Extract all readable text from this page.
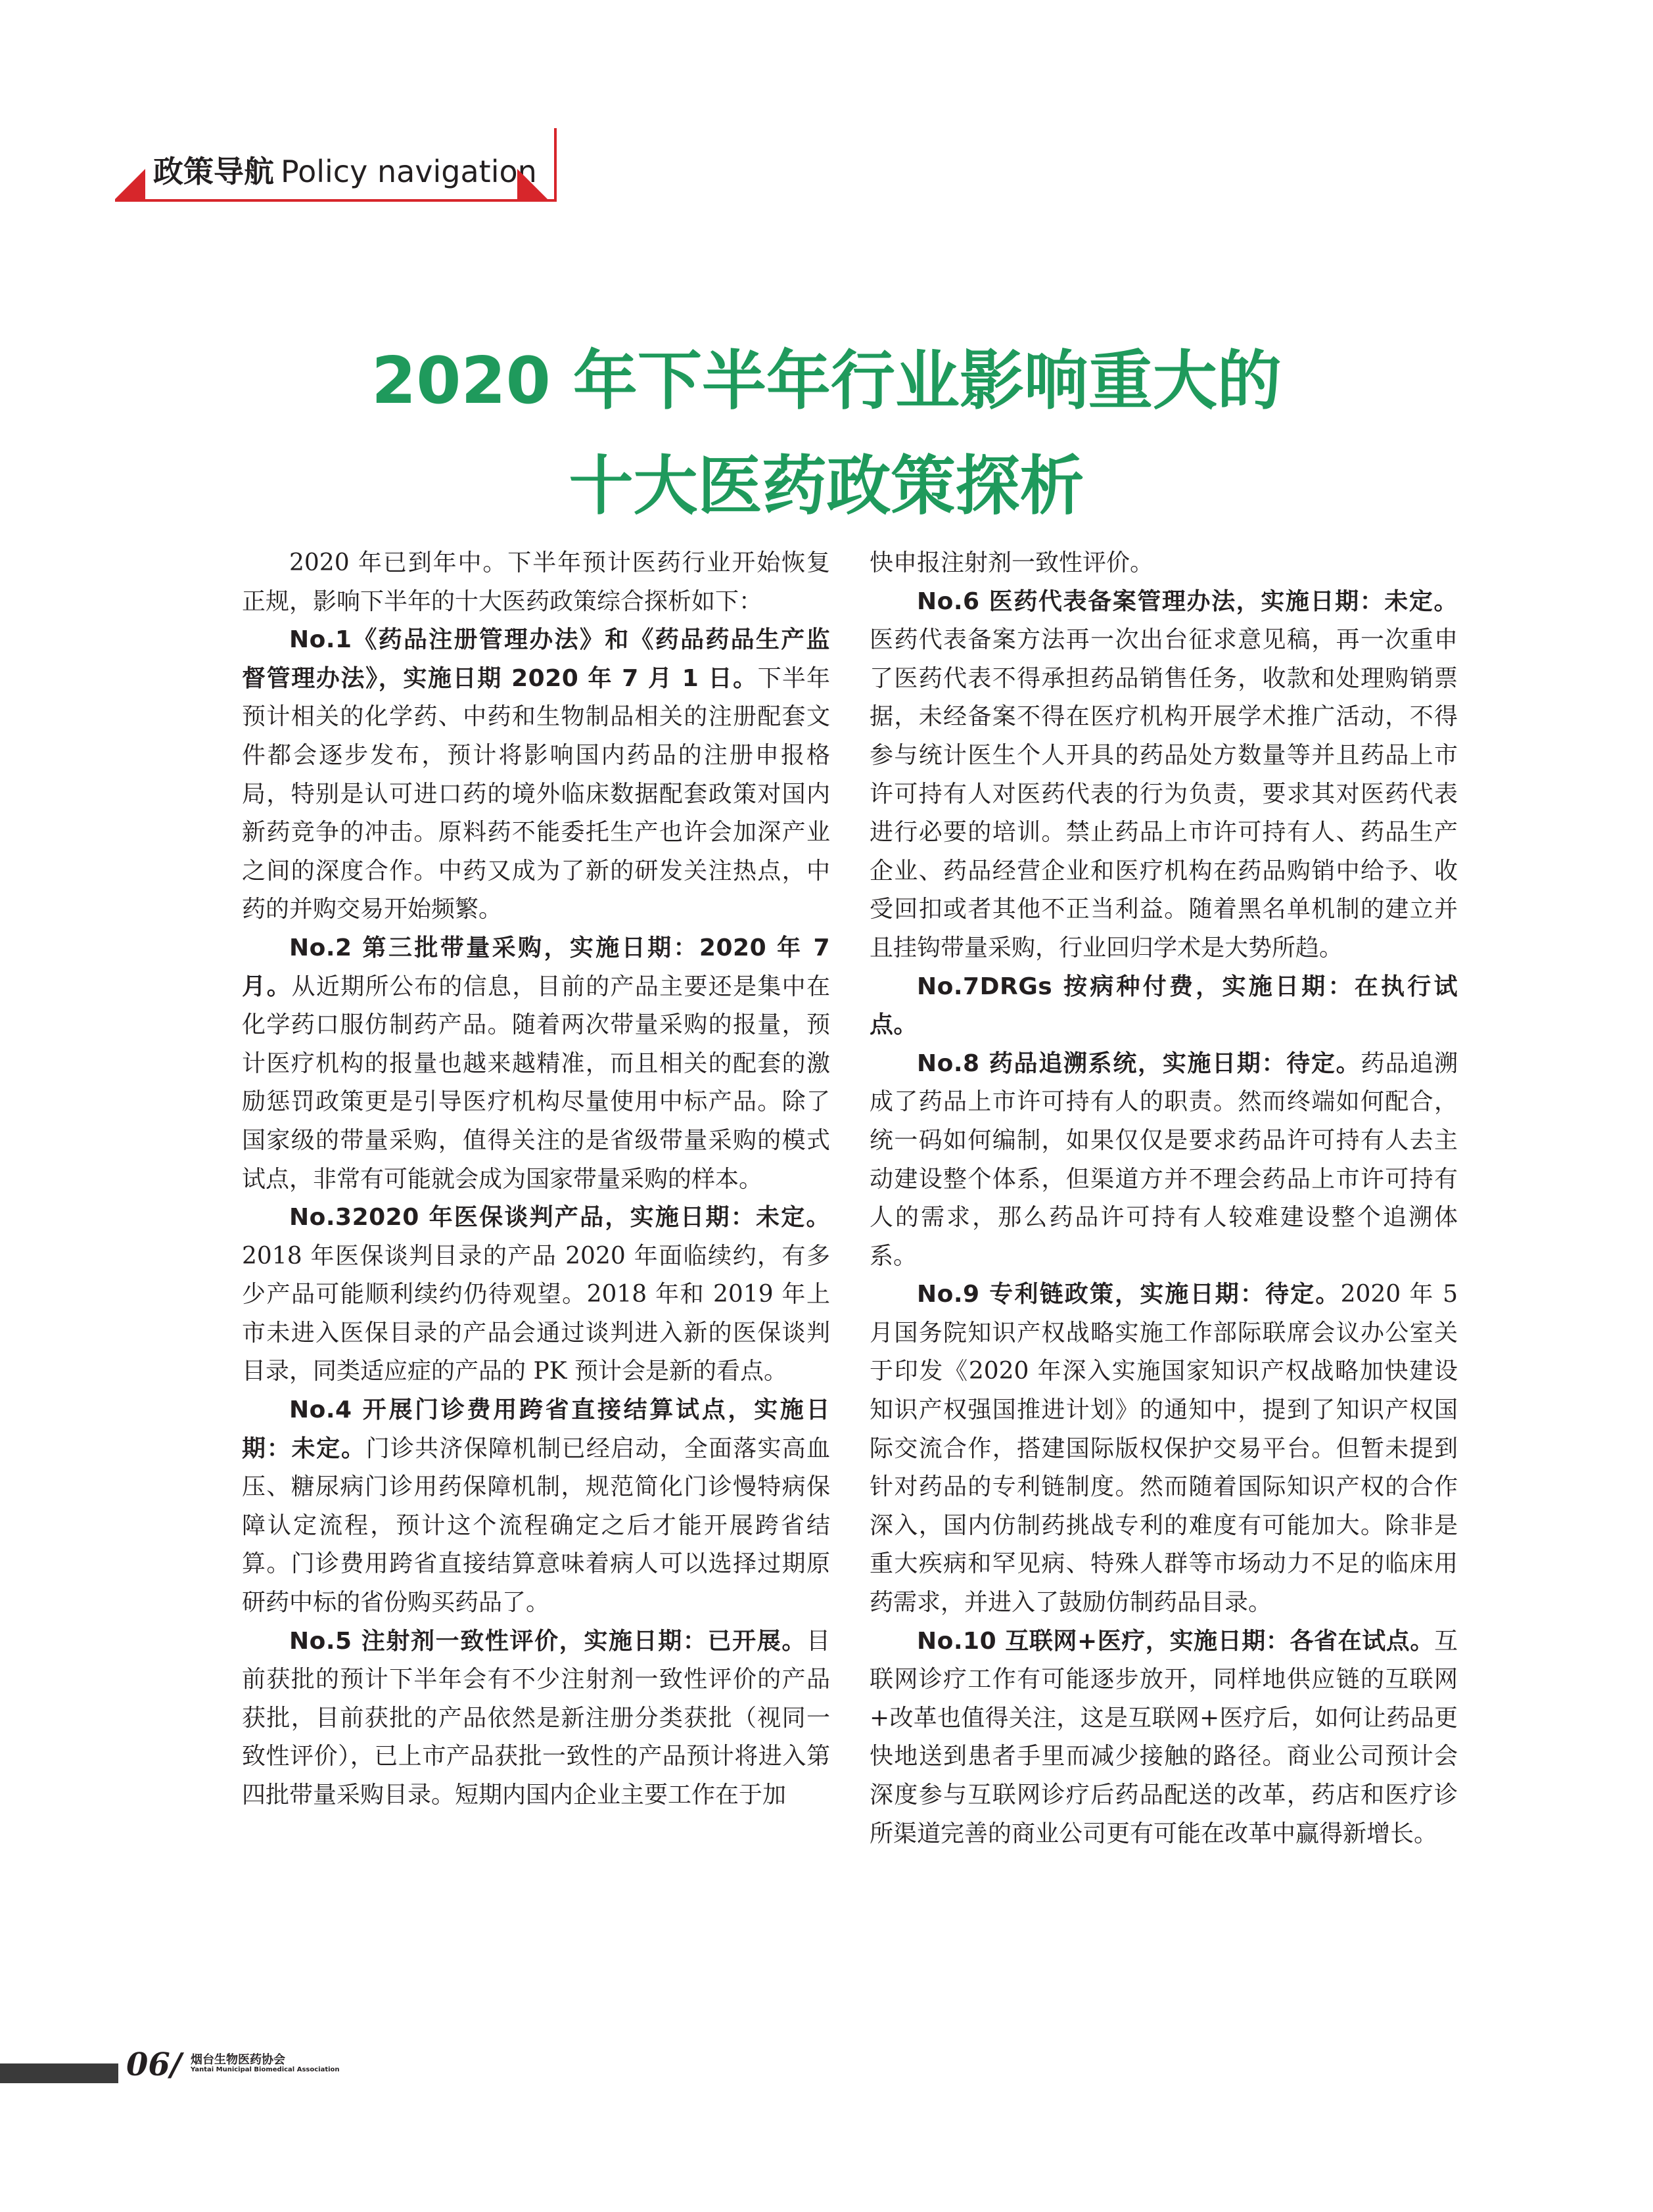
政策导航 Policy navigation
2020 年下半年行业影响重大的
十大医药政策探析

2020 年已到年中。下半年预计医药行业开始恢复正规，影响下半年的十大医药政策综合探析如下：

No.1《药品注册管理办法》和《药品药品生产监督管理办法》，实施日期 2020 年 7 月 1 日。下半年预计相关的化学药、中药和生物制品相关的注册配套文件都会逐步发布，预计将影响国内药品的注册申报格局，特别是认可进口药的境外临床数据配套政策对国内新药竞争的冲击。原料药不能委托生产也许会加深产业之间的深度合作。中药又成为了新的研发关注热点，中药的并购交易开始频繁。

No.2 第三批带量采购，实施日期：2020 年 7 月。从近期所公布的信息，目前的产品主要还是集中在化学药口服仿制药产品。随着两次带量采购的报量，预计医疗机构的报量也越来越精准，而且相关的配套的激励惩罚政策更是引导医疗机构尽量使用中标产品。除了国家级的带量采购，值得关注的是省级带量采购的模式试点，非常有可能就会成为国家带量采购的样本。

No.32020 年医保谈判产品，实施日期：未定。2018 年医保谈判目录的产品 2020 年面临续约，有多少产品可能顺利续约仍待观望。2018 年和 2019 年上市未进入医保目录的产品会通过谈判进入新的医保谈判目录，同类适应症的产品的 PK 预计会是新的看点。

No.4 开展门诊费用跨省直接结算试点，实施日期：未定。门诊共济保障机制已经启动，全面落实高血压、糖尿病门诊用药保障机制，规范简化门诊慢特病保障认定流程，预计这个流程确定之后才能开展跨省结算。门诊费用跨省直接结算意味着病人可以选择过期原研药中标的省份购买药品了。

No.5 注射剂一致性评价，实施日期：已开展。目前获批的预计下半年会有不少注射剂一致性评价的产品获批，目前获批的产品依然是新注册分类获批（视同一致性评价），已上市产品获批一致性的产品预计将进入第四批带量采购目录。短期内国内企业主要工作在于加

快申报注射剂一致性评价。

No.6 医药代表备案管理办法，实施日期：未定。医药代表备案方法再一次出台征求意见稿，再一次重申了医药代表不得承担药品销售任务，收款和处理购销票据，未经备案不得在医疗机构开展学术推广活动，不得参与统计医生个人开具的药品处方数量等并且药品上市许可持有人对医药代表的行为负责，要求其对医药代表进行必要的培训。禁止药品上市许可持有人、药品生产企业、药品经营企业和医疗机构在药品购销中给予、收受回扣或者其他不正当利益。随着黑名单机制的建立并且挂钩带量采购，行业回归学术是大势所趋。

No.7DRGs 按病种付费，实施日期：在执行试点。

No.8 药品追溯系统，实施日期：待定。药品追溯成了药品上市许可持有人的职责。然而终端如何配合，统一码如何编制，如果仅仅是要求药品许可持有人去主动建设整个体系，但渠道方并不理会药品上市许可持有人的需求，那么药品许可持有人较难建设整个追溯体系。

No.9 专利链政策，实施日期：待定。2020 年 5 月国务院知识产权战略实施工作部际联席会议办公室关于印发《2020 年深入实施国家知识产权战略加快建设知识产权强国推进计划》的通知中，提到了知识产权国际交流合作，搭建国际版权保护交易平台。但暂未提到针对药品的专利链制度。然而随着国际知识产权的合作深入，国内仿制药挑战专利的难度有可能加大。除非是重大疾病和罕见病、特殊人群等市场动力不足的临床用药需求，并进入了鼓励仿制药品目录。

No.10 互联网+医疗，实施日期：各省在试点。互联网诊疗工作有可能逐步放开，同样地供应链的互联网+改革也值得关注，这是互联网+医疗后，如何让药品更快地送到患者手里而减少接触的路径。商业公司预计会深度参与互联网诊疗后药品配送的改革，药店和医疗诊所渠道完善的商业公司更有可能在改革中赢得新增长。

06/ 烟台生物医药协会
Yantai Municipal Biomedical Association
